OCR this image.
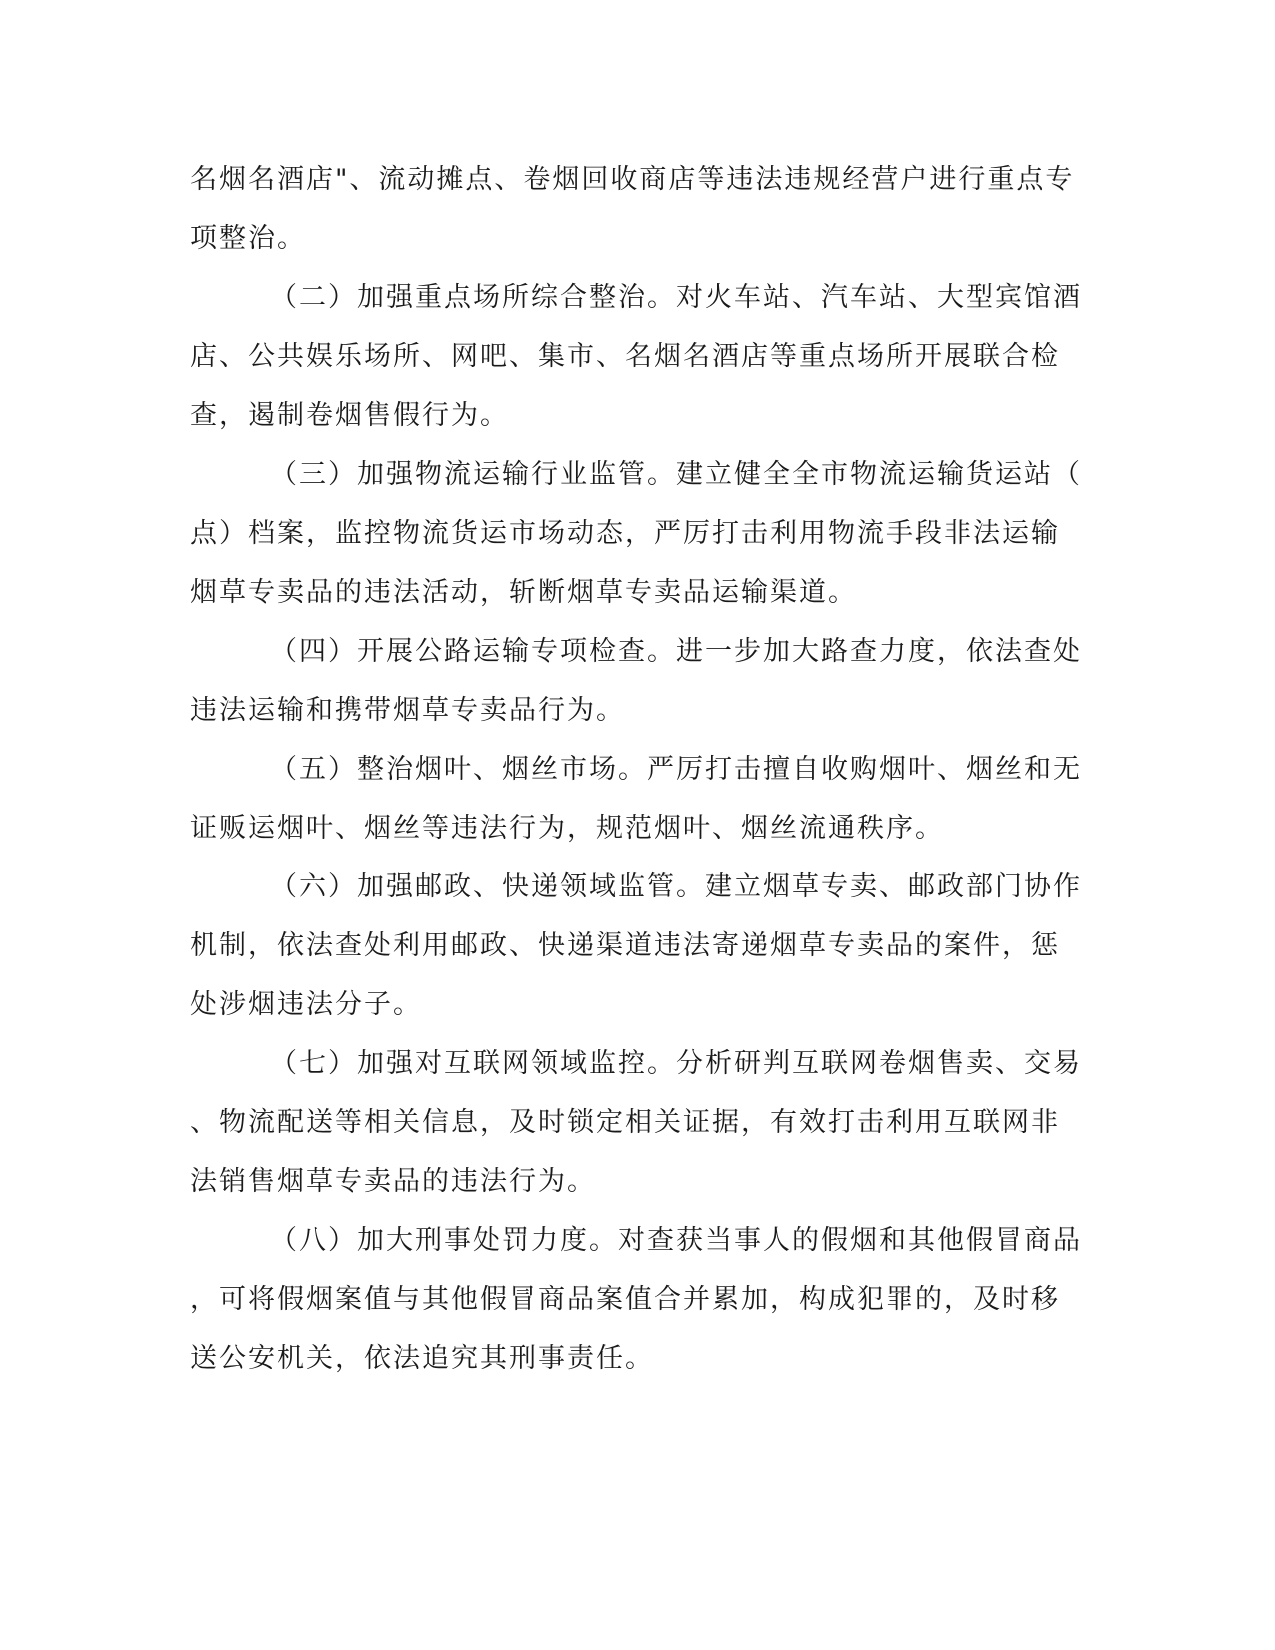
名烟名酒店"、流动摊点、卷烟回收商店等违法违规经营户进行重点专
项整治。
（二）加强重点场所综合整治。对火车站、汽车站、大型宾馆酒
店、公共娱乐场所、网吧、集市、名烟名酒店等重点场所开展联合检
查，遏制卷烟售假行为。
（三）加强物流运输行业监管。建立健全全市物流运输货运站（
点）档案，监控物流货运市场动态，严厉打击利用物流手段非法运输
烟草专卖品的违法活动，斩断烟草专卖品运输渠道。
（四）开展公路运输专项检查。进一步加大路查力度，依法查处
违法运输和携带烟草专卖品行为。
（五）整治烟叶、烟丝市场。严厉打击擅自收购烟叶、烟丝和无
证贩运烟叶、烟丝等违法行为，规范烟叶、烟丝流通秩序。
（六）加强邮政、快递领域监管。建立烟草专卖、邮政部门协作
机制，依法查处利用邮政、快递渠道违法寄递烟草专卖品的案件，惩
处涉烟违法分子。
（七）加强对互联网领域监控。分析研判互联网卷烟售卖、交易
、物流配送等相关信息，及时锁定相关证据，有效打击利用互联网非
法销售烟草专卖品的违法行为。
（八）加大刑事处罚力度。对查获当事人的假烟和其他假冒商品
，可将假烟案值与其他假冒商品案值合并累加，构成犯罪的，及时移
送公安机关，依法追究其刑事责任。
